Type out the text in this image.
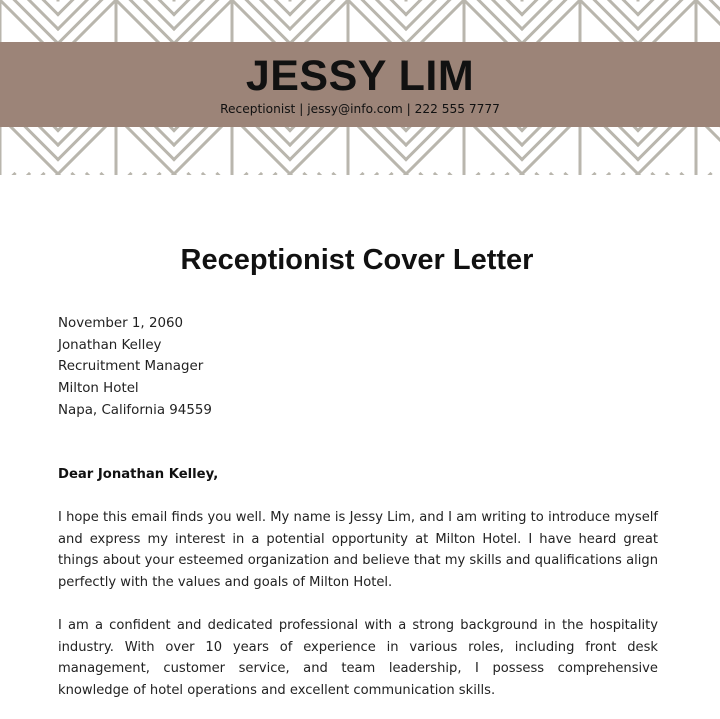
JESSY LIM
Receptionist | jessy@info.com | 222 555 7777
Receptionist Cover Letter
November 1, 2060
Jonathan Kelley
Recruitment Manager
Milton Hotel
Napa, California 94559
Dear Jonathan Kelley,

I hope this email finds you well. My name is Jessy Lim, and I am writing to introduce myself and express my interest in a potential opportunity at Milton Hotel. I have heard great things about your esteemed organization and believe that my skills and qualifications align perfectly with the values and goals of Milton Hotel.

I am a confident and dedicated professional with a strong background in the hospitality industry. With over 10 years of experience in various roles, including front desk management, customer service, and team leadership, I possess comprehensive knowledge of hotel operations and excellent communication skills.
